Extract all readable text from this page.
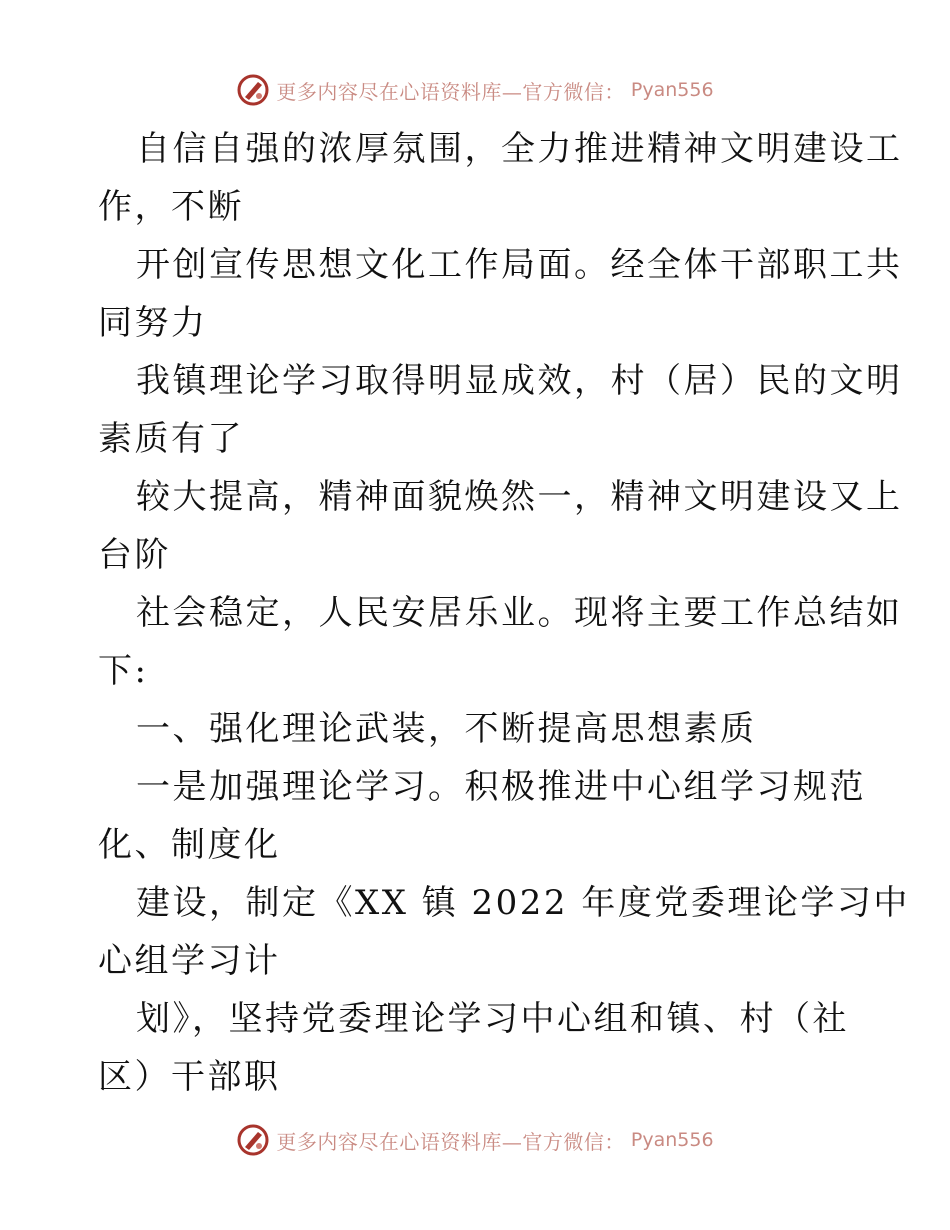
更多内容尽在心语资料库—官方微信： Pyan556
自信自强的浓厚氛围，全力推进精神文明建设工
作，不断
开创宣传思想文化工作局面。经全体干部职工共
同努力
我镇理论学习取得明显成效，村（居）民的文明
素质有了
较大提高，精神面貌焕然一，精神文明建设又上
台阶
社会稳定，人民安居乐业。现将主要工作总结如
下:
一、强化理论武装，不断提高思想素质
一是加强理论学习。积极推进中心组学习规范
化、制度化
建设，制定《XX 镇 2022 年度党委理论学习中
心组学习计
划》，坚持党委理论学习中心组和镇、村（社
区）干部职
更多内容尽在心语资料库—官方微信： Pyan556
